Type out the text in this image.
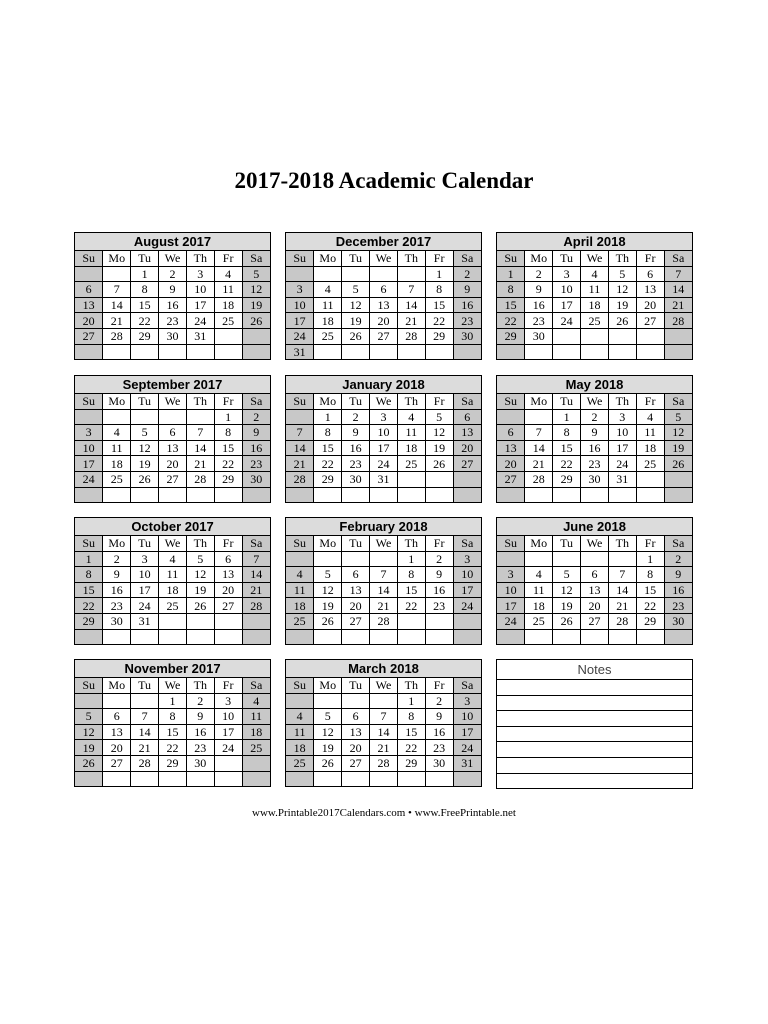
2017-2018 Academic Calendar
August 2017						
Su	Mo	Tu	We	Th	Fr	Sa
		1	2	3	4	5
6	7	8	9	10	11	12
13	14	15	16	17	18	19
20	21	22	23	24	25	26
27	28	29	30	31		

December 2017						
Su	Mo	Tu	We	Th	Fr	Sa
					1	2
3	4	5	6	7	8	9
10	11	12	13	14	15	16
17	18	19	20	21	22	23
24	25	26	27	28	29	30
31						
April 2018						
Su	Mo	Tu	We	Th	Fr	Sa
1	2	3	4	5	6	7
8	9	10	11	12	13	14
15	16	17	18	19	20	21
22	23	24	25	26	27	28
29	30					

September 2017						
Su	Mo	Tu	We	Th	Fr	Sa
					1	2
3	4	5	6	7	8	9
10	11	12	13	14	15	16
17	18	19	20	21	22	23
24	25	26	27	28	29	30

January 2018						
Su	Mo	Tu	We	Th	Fr	Sa
	1	2	3	4	5	6
7	8	9	10	11	12	13
14	15	16	17	18	19	20
21	22	23	24	25	26	27
28	29	30	31			

May 2018						
Su	Mo	Tu	We	Th	Fr	Sa
		1	2	3	4	5
6	7	8	9	10	11	12
13	14	15	16	17	18	19
20	21	22	23	24	25	26
27	28	29	30	31		

October 2017						
Su	Mo	Tu	We	Th	Fr	Sa
1	2	3	4	5	6	7
8	9	10	11	12	13	14
15	16	17	18	19	20	21
22	23	24	25	26	27	28
29	30	31				

February 2018						
Su	Mo	Tu	We	Th	Fr	Sa
				1	2	3
4	5	6	7	8	9	10
11	12	13	14	15	16	17
18	19	20	21	22	23	24
25	26	27	28			

June 2018						
Su	Mo	Tu	We	Th	Fr	Sa
					1	2
3	4	5	6	7	8	9
10	11	12	13	14	15	16
17	18	19	20	21	22	23
24	25	26	27	28	29	30

November 2017						
Su	Mo	Tu	We	Th	Fr	Sa
			1	2	3	4
5	6	7	8	9	10	11
12	13	14	15	16	17	18
19	20	21	22	23	24	25
26	27	28	29	30		

March 2018						
Su	Mo	Tu	We	Th	Fr	Sa
				1	2	3
4	5	6	7	8	9	10
11	12	13	14	15	16	17
18	19	20	21	22	23	24
25	26	27	28	29	30	31

Notes
www.Printable2017Calendars.com • www.FreePrintable.net
